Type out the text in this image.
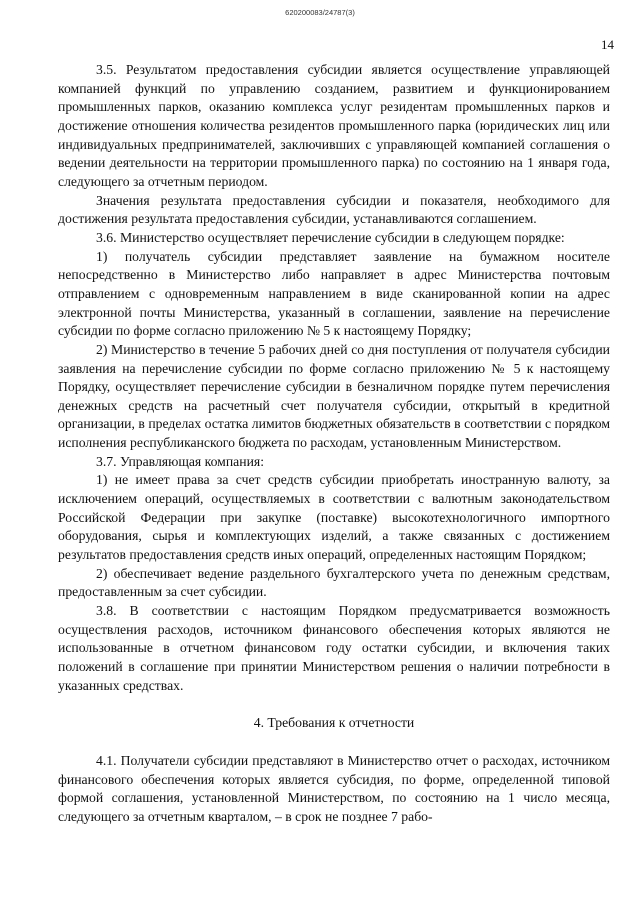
620200083/24787(3)
14

3.5. Результатом предоставления субсидии является осуществление управляющей компанией функций по управлению созданием, развитием и функционированием промышленных парков, оказанию комплекса услуг резидентам промышленных парков и достижение отношения количества резидентов промышленного парка (юридических лиц или индивидуальных предпринимателей, заключивших с управляющей компанией соглашения о ведении деятельности на территории промышленного парка) по состоянию на 1 января года, следующего за отчетным периодом.

Значения результата предоставления субсидии и показателя, необходимого для достижения результата предоставления субсидии, устанавливаются соглашением.

3.6. Министерство осуществляет перечисление субсидии в следующем порядке:

1) получатель субсидии представляет заявление на бумажном носителе непосредственно в Министерство либо направляет в адрес Министерства почтовым отправлением с одновременным направлением в виде сканированной копии на адрес электронной почты Министерства, указанный в соглашении, заявление на перечисление субсидии по форме согласно приложению № 5 к настоящему Порядку;

2) Министерство в течение 5 рабочих дней со дня поступления от получателя субсидии заявления на перечисление субсидии по форме согласно приложению № 5 к настоящему Порядку, осуществляет перечисление субсидии в безналичном порядке путем перечисления денежных средств на расчетный счет получателя субсидии, открытый в кредитной организации, в пределах остатка лимитов бюджетных обязательств в соответствии с порядком исполнения республиканского бюджета по расходам, установленным Министерством.

3.7. Управляющая компания:

1) не имеет права за счет средств субсидии приобретать иностранную валюту, за исключением операций, осуществляемых в соответствии с валютным законодательством Российской Федерации при закупке (поставке) высокотехнологичного импортного оборудования, сырья и комплектующих изделий, а также связанных с достижением результатов предоставления средств иных операций, определенных настоящим Порядком;

2) обеспечивает ведение раздельного бухгалтерского учета по денежным средствам, предоставленным за счет субсидии.

3.8. В соответствии с настоящим Порядком предусматривается возможность осуществления расходов, источником финансового обеспечения которых являются не использованные в отчетном финансовом году остатки субсидии, и включения таких положений в соглашение при принятии Министерством решения о наличии потребности в указанных средствах.

4. Требования к отчетности

4.1. Получатели субсидии представляют в Министерство отчет о расходах, источником финансового обеспечения которых является субсидия, по форме, определенной типовой формой соглашения, установленной Министерством, по состоянию на 1 число месяца, следующего за отчетным кварталом, – в срок не позднее 7 рабо-
